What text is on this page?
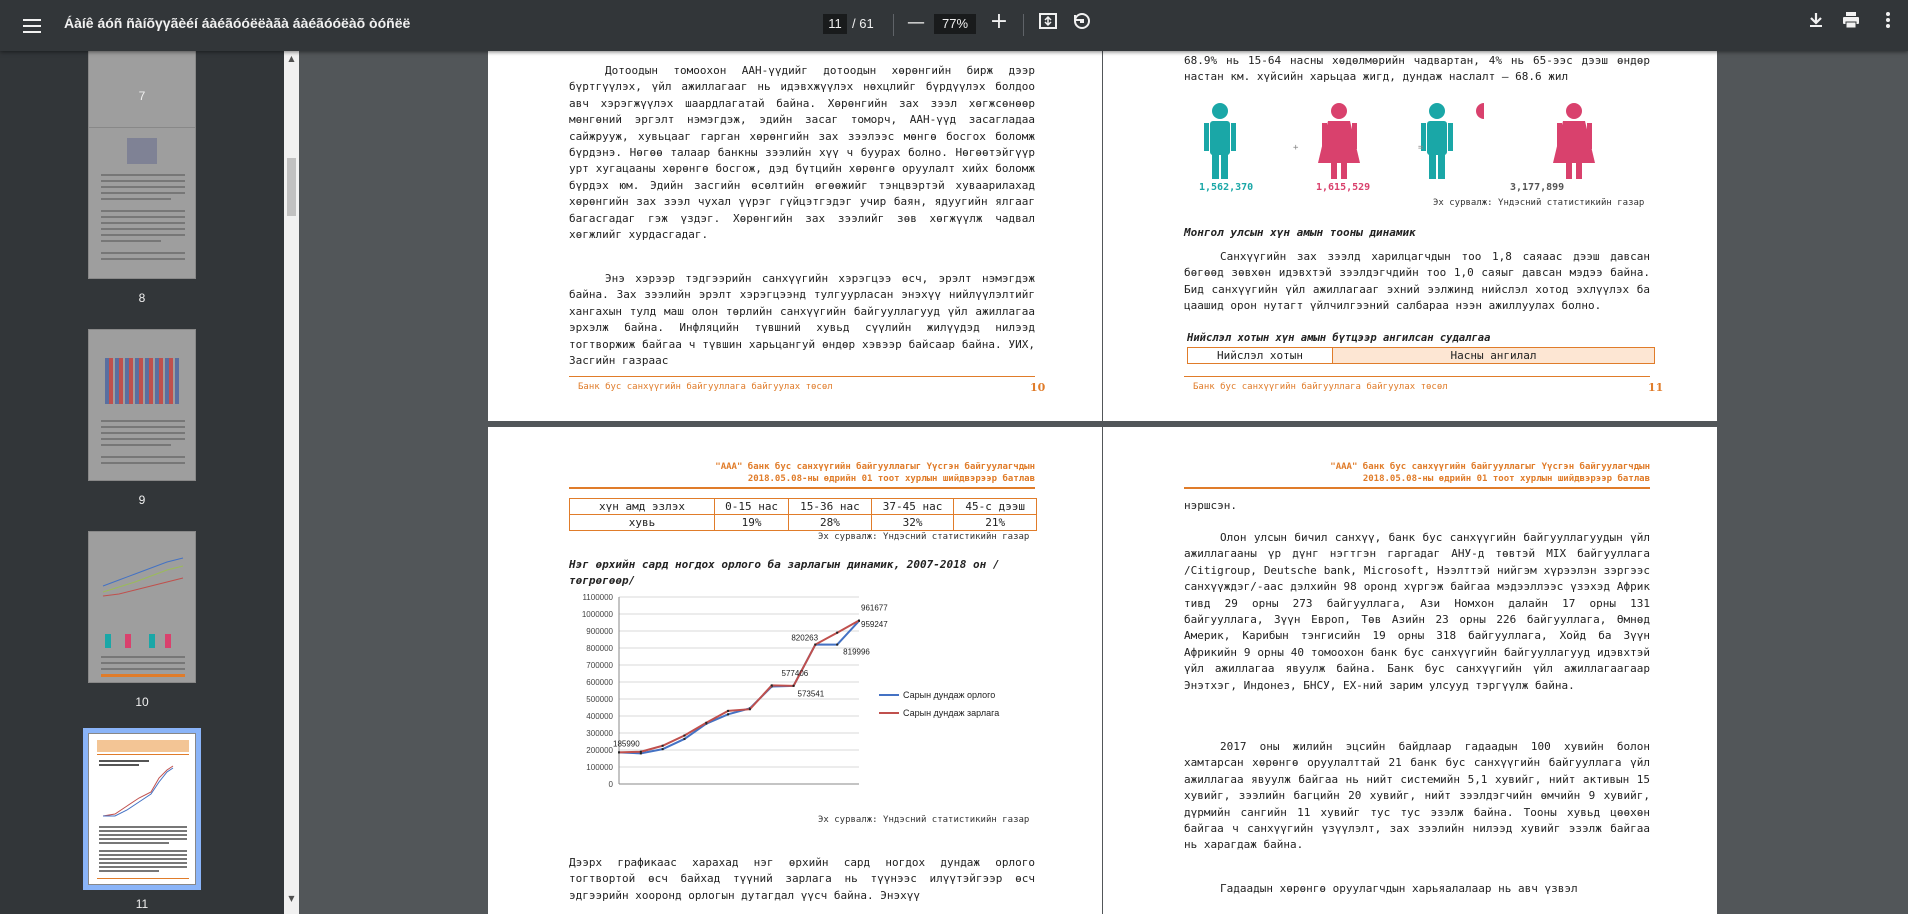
Áàíê áóñ ñàíõγγãèéí áàéãóóëëàãà áàéãóóëàõ òóñëë	11 / 61 —	77% +
7
8
9
10
11
▲
▼
Дотоодын томоохон ААН-үүдийг дотоодын хөрөнгийн бирж дээр бүртгүүлэх, үйл ажиллагааг нь идэвхжүүлэх нөхцлийг бүрдүүлэх болдоо авч хэрэгжүүлэх шаардлагатай байна. Хөрөнгийн зах зээл хөгжсөнөөр мөнгөний эргэлт нэмэгдэж, эдийн засаг томорч, ААН-үүд засагладаа сайжрууж, хувьцааг гарган хөрөнгийн зах зээлээс мөнгө босгох боломж бүрдэнэ. Нөгөө талаар банкны зээлийн хүү ч буурах болно. Нөгөөтэйгүүр урт хугацааны хөрөнгө босгож, дэд бүтцийн хөрөнгө оруулалт хийх боломж бүрдэх юм. Эдийн засгийн өсөлтийн өгөөжийг тэнцвэртэй хуваарилахад хөрөнгийн зах зээл чухал үүрэг гүйцэтгэдэг учир баян, ядуугийн ялгааг багасгадаг гэж үздэг. Хөрөнгийн зах зээлийг зөв хөгжүүлж чадвал хөгжлийг хурдасгадаг.
Энэ хэрээр тэдгээрийн санхүүгийн хэрэгцээ өсч, эрэлт нэмэгдэж байна. Зах зээлийн эрэлт хэрэгцээнд тулгуурласан энэхүү нийлүүлэлтийг хангахын тулд маш олон төрлийн санхүүгийн байгууллагууд үйл ажиллагаа эрхэлж байна. Инфляцийн түвшний хувьд сүүлийн жилүүдэд нилээд тогтворжиж байгаа ч түвшин харьцангуй өндөр хэвээр байсаар байна. УИХ, Засгийн газраас
Банк бус санхүүгийн байгууллага байгуулах төсөл	10
68.9% нь 15-64 насны хөдөлмөрийн чадвартан, 4% нь 65-ээс дээш өндөр настан км. хүйсийн харьцаа жигд, дундаж наслалт — 68.6 жил
+	=
1,562,370	1,615,529	3,177,899
Эх сурвалж: Үндэсний статистикийн газар
Монгол улсын хүн амын тооны динамик
Санхүүгийн зах зээлд харилцагчдын тоо 1,8 саяаас дээш давсан бөгөөд зөвхөн идэвхтэй зээлдэгчдийн тоо 1,0 саяыг давсан мэдээ байна. Бид санхүүгийн үйл ажиллагааг эхний ээлжинд нийслэл хотод эхлүүлэх ба цаашид орон нутагт үйлчилгээний салбараа нээн ажиллуулах болно.
Нийслэл хотын хүн амын бүтцээр ангилсан судалгаа
Нийслэл хотын	Насны ангилал
Банк бус санхүүгийн байгууллага байгуулах төсөл	11
"ААА" банк бус санхүүгийн байгууллагыг Үүсгэн байгуулагчдын
2018.05.08-ны өдрийн 01 тоот хурлын шийдвэрээр батлав
хүн амд эзлэх	0-15 нас	15-36 нас	37-45 нас	45-с дээш
хувь	19%	28%	32%	21%
Эх сурвалж: Үндэсний статистикийн газар
Нэг өрхийн сард ногдох орлого ба зарлагын динамик, 2007-2018 он /төгрөгөөр/
1100000
1000000
900000
800000
700000
600000
500000
400000
300000
200000
100000
0
Сарын дундаж орлого
Сарын дундаж зарлага
185990
577406
573541
820263
819996
961677
959247
Эх сурвалж: Үндэсний статистикийн газар
Дээрх графикаас харахад нэг өрхийн сард ногдох дундаж орлого тогтвортой өсч байхад түүний зарлага нь түүнээс илүүтэйгээр өсч эдгээрийн хооронд орлогын дутагдал үүсч байна. Энэхүү
"ААА" банк бус санхүүгийн байгууллагыг Үүсгэн байгуулагчдын
2018.05.08-ны өдрийн 01 тоот хурлын шийдвэрээр батлав
нэршсэн.
Олон улсын бичил санхүү, банк бус санхүүгийн байгууллагуудын үйл ажиллагааны үр дүнг нэгтгэн гаргадаг АНУ-д төвтэй MIX байгууллага /Citigroup, Deutsche bank, Microsoft, Нээлттэй нийгэм хүрээлэн зэргээс санхүүждэг/-аас дэлхийн 98 оронд хүргэж байгаа мэдээллээс үзэхэд Африк тивд 29 орны 273 байгууллага, Ази Номхон далайн 17 орны 131 байгууллага, Зүүн Европ, Төв Азийн 23 орны 226 байгууллага, Өмнөд Америк, Карибын тэнгисийн 19 орны 318 байгууллага, Хойд ба Зүүн Африкийн 9 орны 40 томоохон банк бус санхүүгийн байгууллагууд идэвхтэй үйл ажиллагаа явуулж байна. Банк бус санхүүгийн үйл ажиллагаагаар Энэтхэг, Индонез, БНСУ, ЕХ-ний зарим улсууд тэргүүлж байна.
2017 оны жилийн эцсийн байдлаар гадаадын 100 хувийн болон хамтарсан хөрөнгө оруулалттай 21 банк бус санхүүгийн байгууллага үйл ажиллагаа явуулж байгаа нь нийт системийн 5,1 хувийг, нийт активын 15 хувийг, зээлийн багцийн 20 хувийг, нийт зээлдэгчийн өмчийн 9 хувийг, дүрмийн сангийн 11 хувийг тус тус эзэлж байна. Тооны хувьд цөөхөн байгаа ч санхүүгийн үзүүлэлт, зах зээлийн нилээд хувийг эзэлж байгаа нь харагдаж байна.
Гадаадын хөрөнгө оруулагчдын харьяалалаар нь авч үзвэл
